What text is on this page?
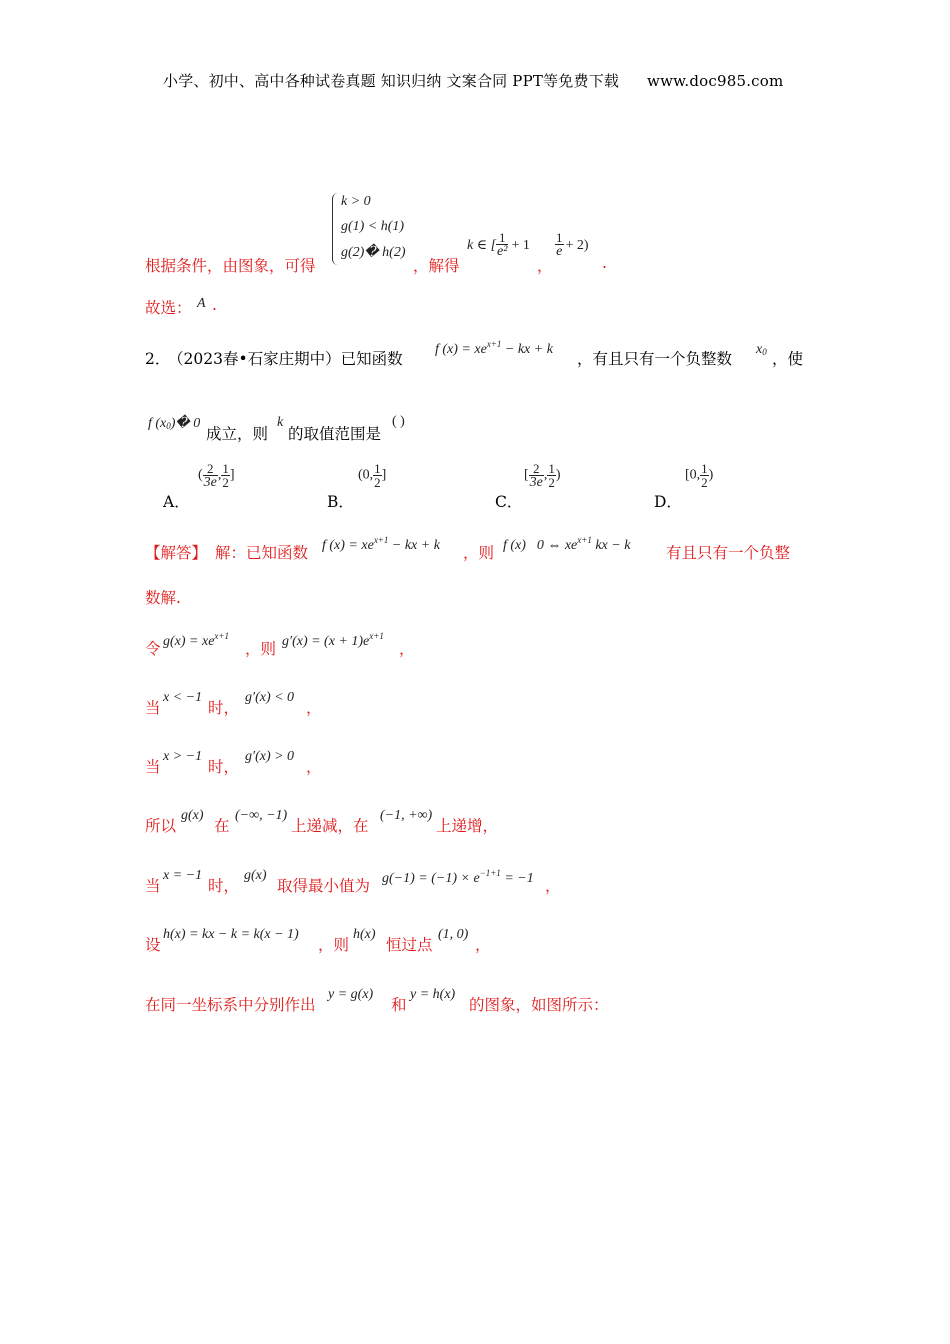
小学、初中、高中各种试卷真题 知识归纳 文案合同 PPT等免费下载 www.doc985.com
k > 0
g(1) < h(1)
g(2)� h(2)
根据条件，由图象，可得	，解得
k ∈ [ $\frac{1}{\text{e²}} + 1$
，
$\frac{1}{e} + 2$)
.
故选： A .
2．
（2023春•石家庄期中）已知函数
f $(x) = xe^{x+1}$ − kx + k
，有且只有一个负整数
$x_0$ ，使
f $(x_0)�$ 0
成立，则
k
的取值范围是
( )
A．
( $\frac{2}{3e}$ , $\frac{1}{2}$ ]
B．
(0, $\frac{1}{2}$ ]
C．
[ $\frac{2}{3e}$ , $\frac{1}{2}$ )
D．
[0, $\frac{1}{2}$ )
【解答】 解：已知函数 f $(x) = xe^{x+1}$ − kx + k ，则 f (x)𥘶0 ⇔ $xe^{x+1}$ kx − k 有且只有一个负整
数解.
令 $g(x) = xe^{x+1}$
，则 $g'(x) = (x + 1)e^{x+1}$
，
当
x < −1
时，
g′(x) < 0
，
当
x > −1
时，
g′(x) > 0
，
所以
g(x)
在
(−∞, −1)
上递减，在
(−1, +∞)
上递增，
当
x = −1
时，
g(x)
取得最小值为 $g(-1) = (-1) \times e^{-1+1} = -1$ ，
设
h(x) = kx − k = k(x − 1)
，则
h(x)
恒过点
(1, 0)
，
在同一坐标系中分别作出
y = g(x)
和
y = h(x)
的图象，如图所示：
